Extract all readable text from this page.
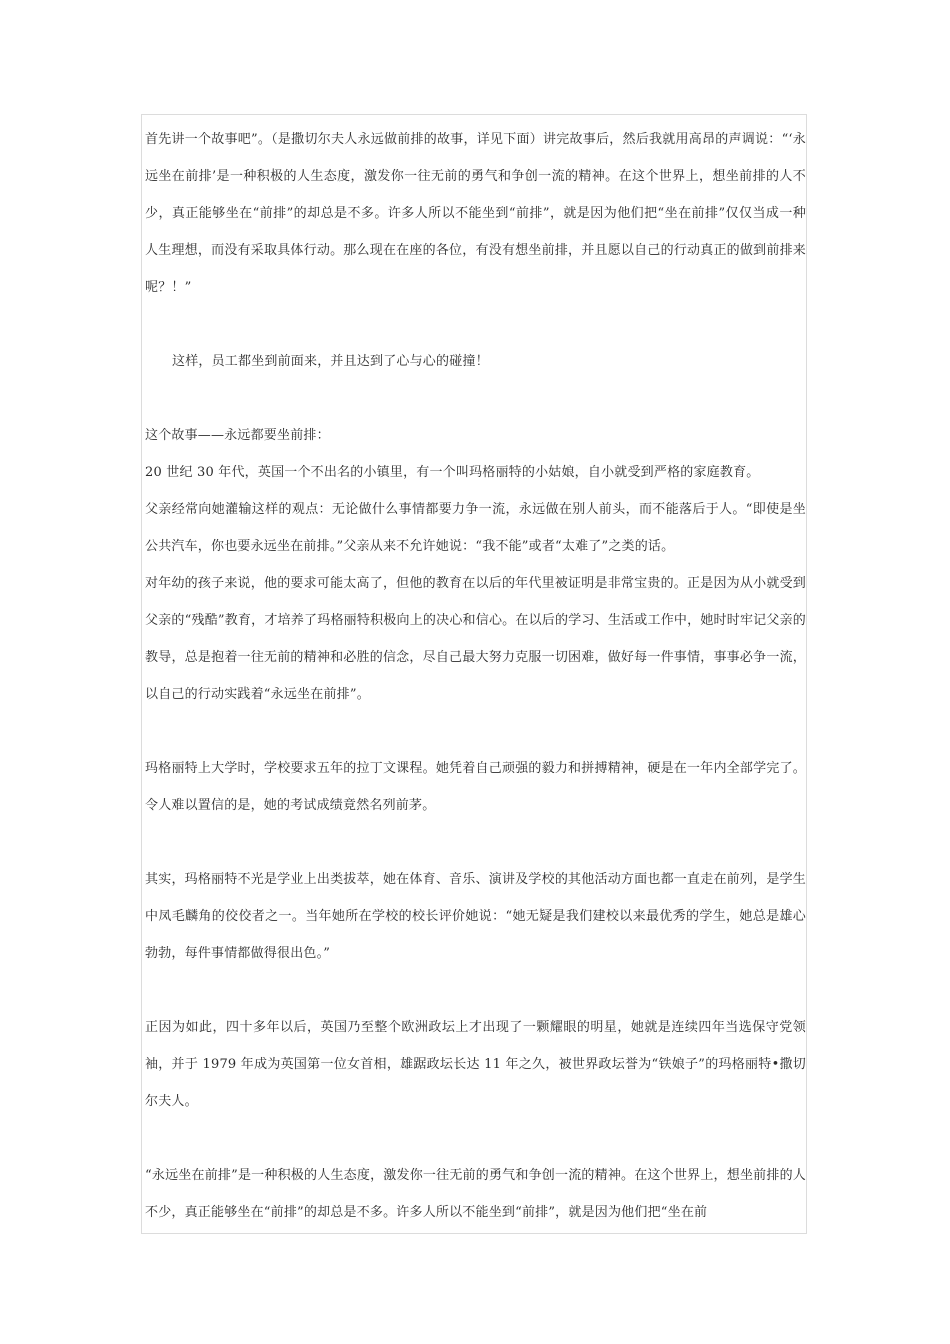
首先讲一个故事吧”。（是撒切尔夫人永远做前排的故事，详见下面）讲完故事后，然后我就用高昂的声调说：“‘永远坐在前排’是一种积极的人生态度，激发你一往无前的勇气和争创一流的精神。在这个世界上，想坐前排的人不少，真正能够坐在“前排”的却总是不多。许多人所以不能坐到“前排”，就是因为他们把“坐在前排”仅仅当成一种人生理想，而没有采取具体行动。那么现在在座的各位，有没有想坐前排，并且愿以自己的行动真正的做到前排来呢？！”

这样，员工都坐到前面来，并且达到了心与心的碰撞！

这个故事——永远都要坐前排：

20 世纪 30 年代，英国一个不出名的小镇里，有一个叫玛格丽特的小姑娘，自小就受到严格的家庭教育。

父亲经常向她灌输这样的观点：无论做什么事情都要力争一流，永远做在别人前头，而不能落后于人。“即使是坐公共汽车，你也要永远坐在前排。”父亲从来不允许她说：“我不能”或者“太难了”之类的话。

对年幼的孩子来说，他的要求可能太高了，但他的教育在以后的年代里被证明是非常宝贵的。正是因为从小就受到父亲的“残酷”教育，才培养了玛格丽特积极向上的决心和信心。在以后的学习、生活或工作中，她时时牢记父亲的教导，总是抱着一往无前的精神和必胜的信念，尽自己最大努力克服一切困难，做好每一件事情，事事必争一流，以自己的行动实践着“永远坐在前排”。

玛格丽特上大学时，学校要求五年的拉丁文课程。她凭着自己顽强的毅力和拼搏精神，硬是在一年内全部学完了。令人难以置信的是，她的考试成绩竟然名列前茅。

其实，玛格丽特不光是学业上出类拔萃，她在体育、音乐、演讲及学校的其他活动方面也都一直走在前列，是学生中凤毛麟角的佼佼者之一。当年她所在学校的校长评价她说：“她无疑是我们建校以来最优秀的学生，她总是雄心勃勃，每件事情都做得很出色。”

正因为如此，四十多年以后，英国乃至整个欧洲政坛上才出现了一颗耀眼的明星，她就是连续四年当选保守党领袖，并于 1979 年成为英国第一位女首相，雄踞政坛长达 11 年之久，被世界政坛誉为“铁娘子”的玛格丽特•撒切尔夫人。

“永远坐在前排”是一种积极的人生态度，激发你一往无前的勇气和争创一流的精神。在这个世界上，想坐前排的人不少，真正能够坐在“前排”的却总是不多。许多人所以不能坐到“前排”，就是因为他们把“坐在前
